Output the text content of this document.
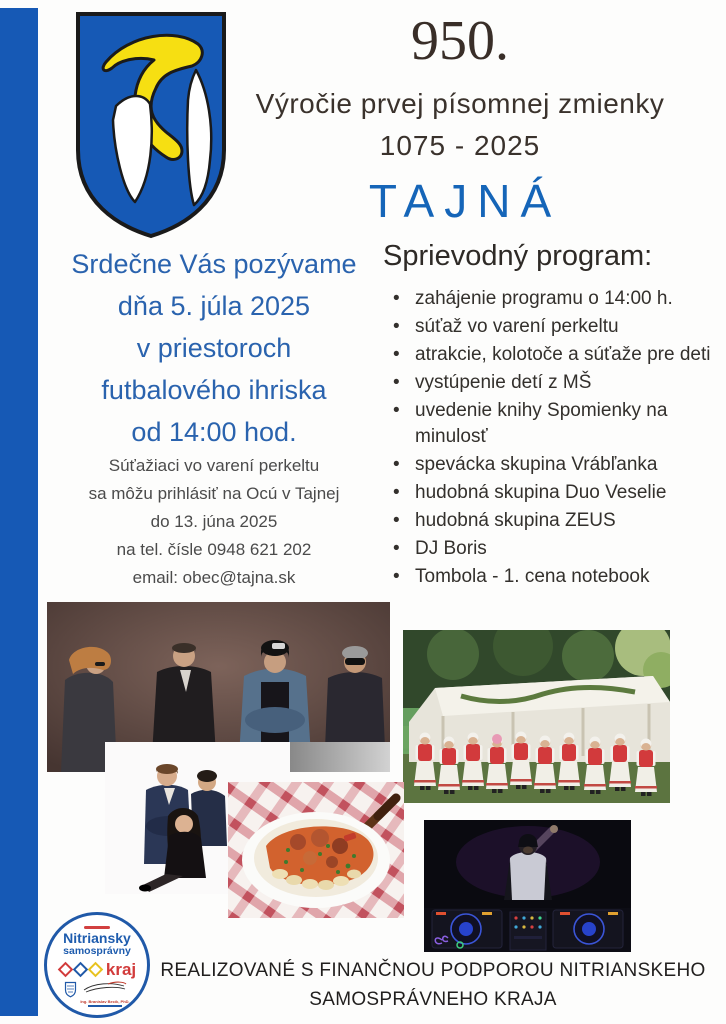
950.
Výročie prvej písomnej zmienky
1075 - 2025
TAJNÁ
Srdečne Vás pozývame
dňa 5. júla 2025
v priestoroch
futbalového ihriska
od 14:00 hod.
Súťažiaci vo varení perkeltu
sa môžu prihlásiť na Ocú v Tajnej
do 13. júna 2025
na tel. čísle 0948 621 202
email: obec@tajna.sk
Sprievodný program:
• zahájenie programu o 14:00 h.
• súťaž vo varení perkeltu
• atrakcie, kolotoče a súťaže pre deti
• vystúpenie detí z MŠ
• uvedenie knihy Spomienky na minulosť
• spevácka skupina Vrábľanka
• hudobná skupina Duo Veselie
• hudobná skupina ZEUS
• DJ Boris
• Tombola - 1. cena notebook
Nitriansky
samosprávny
kraj
Ing. Branislav Becík, PhD.
REALIZOVANÉ S FINANČNOU PODPOROU NITRIANSKEHO
SAMOSPRÁVNEHO KRAJA
